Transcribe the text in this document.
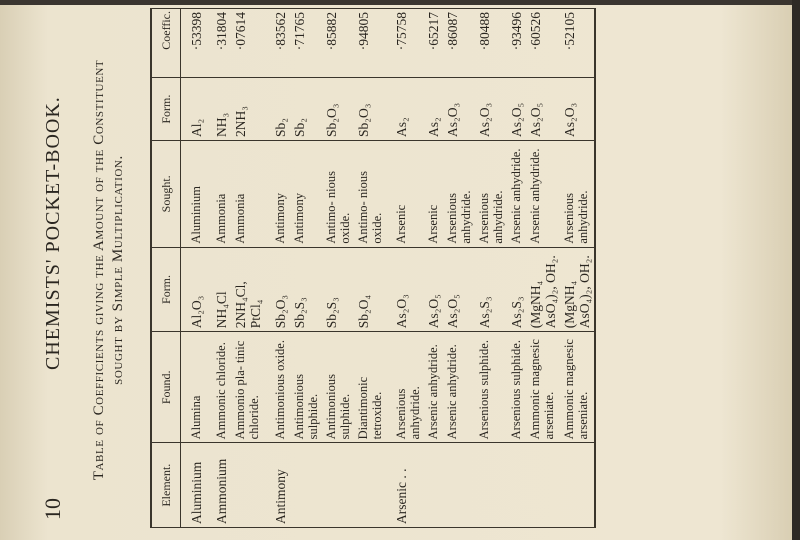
10
CHEMISTS' POCKET-BOOK. Table of Coefficients giving the Amount of the Constituent sought by Simple Multiplication.
Element.	Found.	Form.	Sought.	Form.	Coeffic.
Aluminium	Alumina	Al₂O₃	Aluminium	Al₂	·53398
Ammonium	Ammonic chloride.	NH₄Cl	Ammonia	NH₃	·31804
	Ammonio pla- tinic chloride.	2NH₄Cl, PtCl₄	Ammonia	2NH₃	·07614
Antimony	Antimonious oxide.	Sb₂O₃	Antimony	Sb₂	·83562
	Antimonious sulphide.	Sb₂S₃	Antimony	Sb₂	·71765
	Antimonious sulphide.	Sb₂S₃	Antimo- nious oxide.	Sb₂O₃	·85882
	Diantimonic tetroxide.	Sb₂O₄	Antimo- nious oxide.	Sb₂O₃	·94805
Arsenic . .	Arsenious anhydride.	As₂O₃	Arsenic	As₂	·75758
	Arsenic anhydride.	As₂O₅	Arsenic	As₂	·65217
	Arsenic anhydride.	As₂O₅	Arsenious anhydride.	As₂O₃	·86087
	Arsenious sulphide.	As₂S₃	Arsenious anhydride.	As₂O₃	·80488
	Arsenious sulphide.	As₂S₃	Arsenic anhydride.	As₂O₅	·93496
	Ammonic magnesic arseniate.	(MgNH₄ AsO₄)₂, OH₂.	Arsenic anhydride.	As₂O₅	·60526
	Ammonic magnesic arseniate.	(MgNH₄ AsO₄)₂, OH₂.	Arsenious anhydride.	As₂O₃	·52105
